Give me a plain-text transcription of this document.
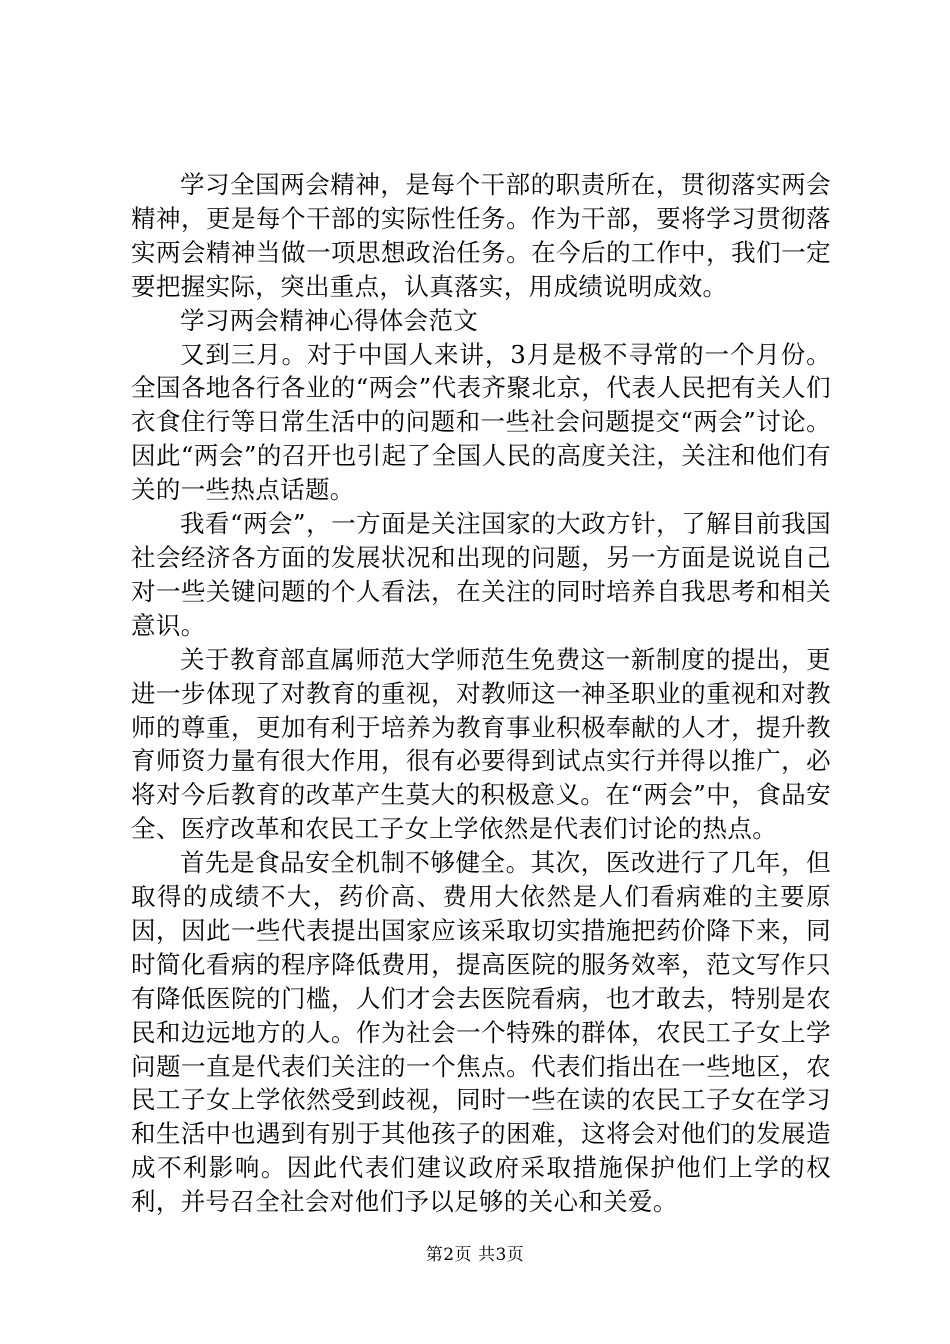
学习全国两会精神，是每个干部的职责所在，贯彻落实两会精神，更是每个干部的实际性任务。作为干部，要将学习贯彻落实两会精神当做一项思想政治任务。在今后的工作中，我们一定要把握实际，突出重点，认真落实，用成绩说明成效。

学习两会精神心得体会范文

又到三月。对于中国人来讲，3月是极不寻常的一个月份。全国各地各行各业的“两会”代表齐聚北京，代表人民把有关人们衣食住行等日常生活中的问题和一些社会问题提交“两会”讨论。因此“两会”的召开也引起了全国人民的高度关注，关注和他们有关的一些热点话题。

我看“两会”，一方面是关注国家的大政方针，了解目前我国社会经济各方面的发展状况和出现的问题，另一方面是说说自己对一些关键问题的个人看法，在关注的同时培养自我思考和相关意识。

关于教育部直属师范大学师范生免费这一新制度的提出，更进一步体现了对教育的重视，对教师这一神圣职业的重视和对教师的尊重，更加有利于培养为教育事业积极奉献的人才，提升教育师资力量有很大作用，很有必要得到试点实行并得以推广，必将对今后教育的改革产生莫大的积极意义。在“两会”中，食品安全、医疗改革和农民工子女上学依然是代表们讨论的热点。

首先是食品安全机制不够健全。其次，医改进行了几年，但取得的成绩不大，药价高、费用大依然是人们看病难的主要原因，因此一些代表提出国家应该采取切实措施把药价降下来，同时简化看病的程序降低费用，提高医院的服务效率，范文写作只有降低医院的门槛，人们才会去医院看病，也才敢去，特别是农民和边远地方的人。作为社会一个特殊的群体，农民工子女上学问题一直是代表们关注的一个焦点。代表们指出在一些地区，农民工子女上学依然受到歧视，同时一些在读的农民工子女在学习和生活中也遇到有别于其他孩子的困难，这将会对他们的发展造成不利影响。因此代表们建议政府采取措施保护他们上学的权利，并号召全社会对他们予以足够的关心和关爱。

第2页 共3页
